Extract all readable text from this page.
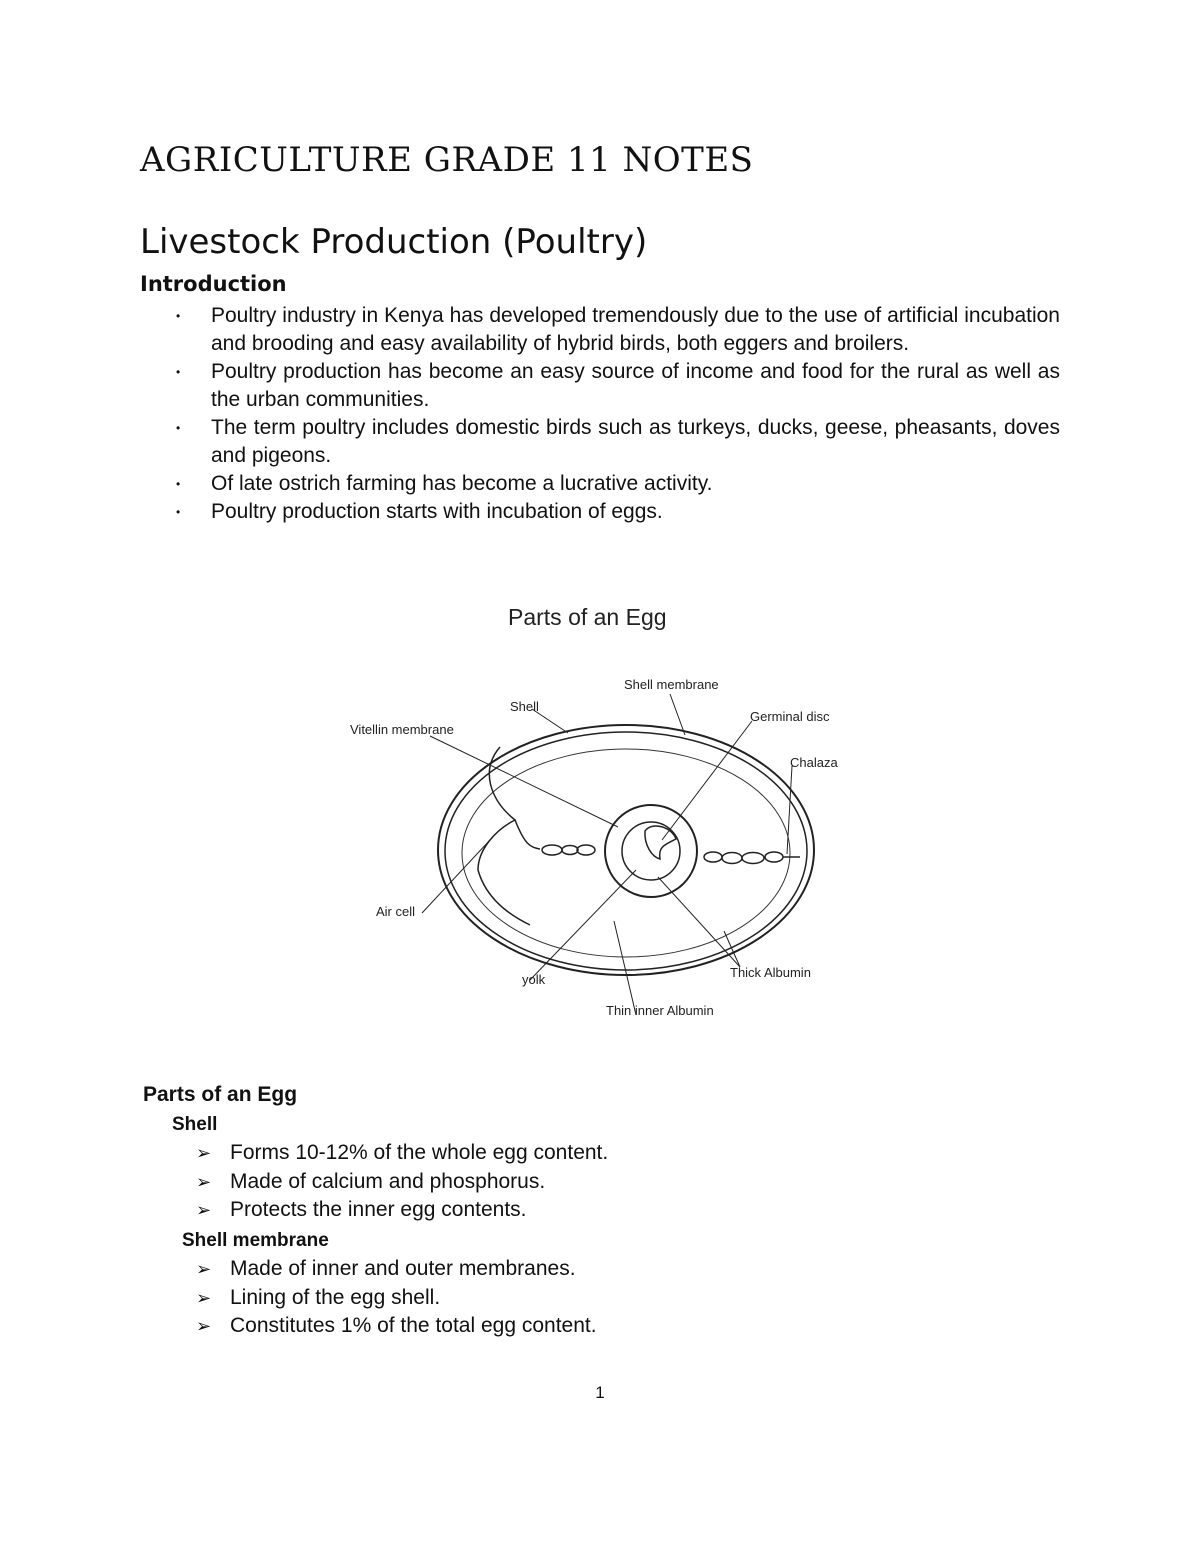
AGRICULTURE GRADE 11 NOTES
Livestock Production (Poultry)
Introduction
• Poultry industry in Kenya has developed tremendously due to the use of artificial incubation and brooding and easy availability of hybrid birds, both eggers and broilers.
• Poultry production has become an easy source of income and food for the rural as well as the urban communities.
• The term poultry includes domestic birds such as turkeys, ducks, geese, pheasants, doves and pigeons.
• Of late ostrich farming has become a lucrative activity.
• Poultry production starts with incubation of eggs.
Parts of an Egg
Shell
Shell membrane
Germinal disc
Vitellin membrane
Chalaza
Air cell
yolk	Thick Albumin
Thin inner Albumin
Parts of an Egg

Shell

➢ Forms 10-12% of the whole egg content.
➢ Made of calcium and phosphorus.
➢ Protects the inner egg contents.

Shell membrane

➢ Made of inner and outer membranes.
➢ Lining of the egg shell.
➢ Constitutes 1% of the total egg content.
1
